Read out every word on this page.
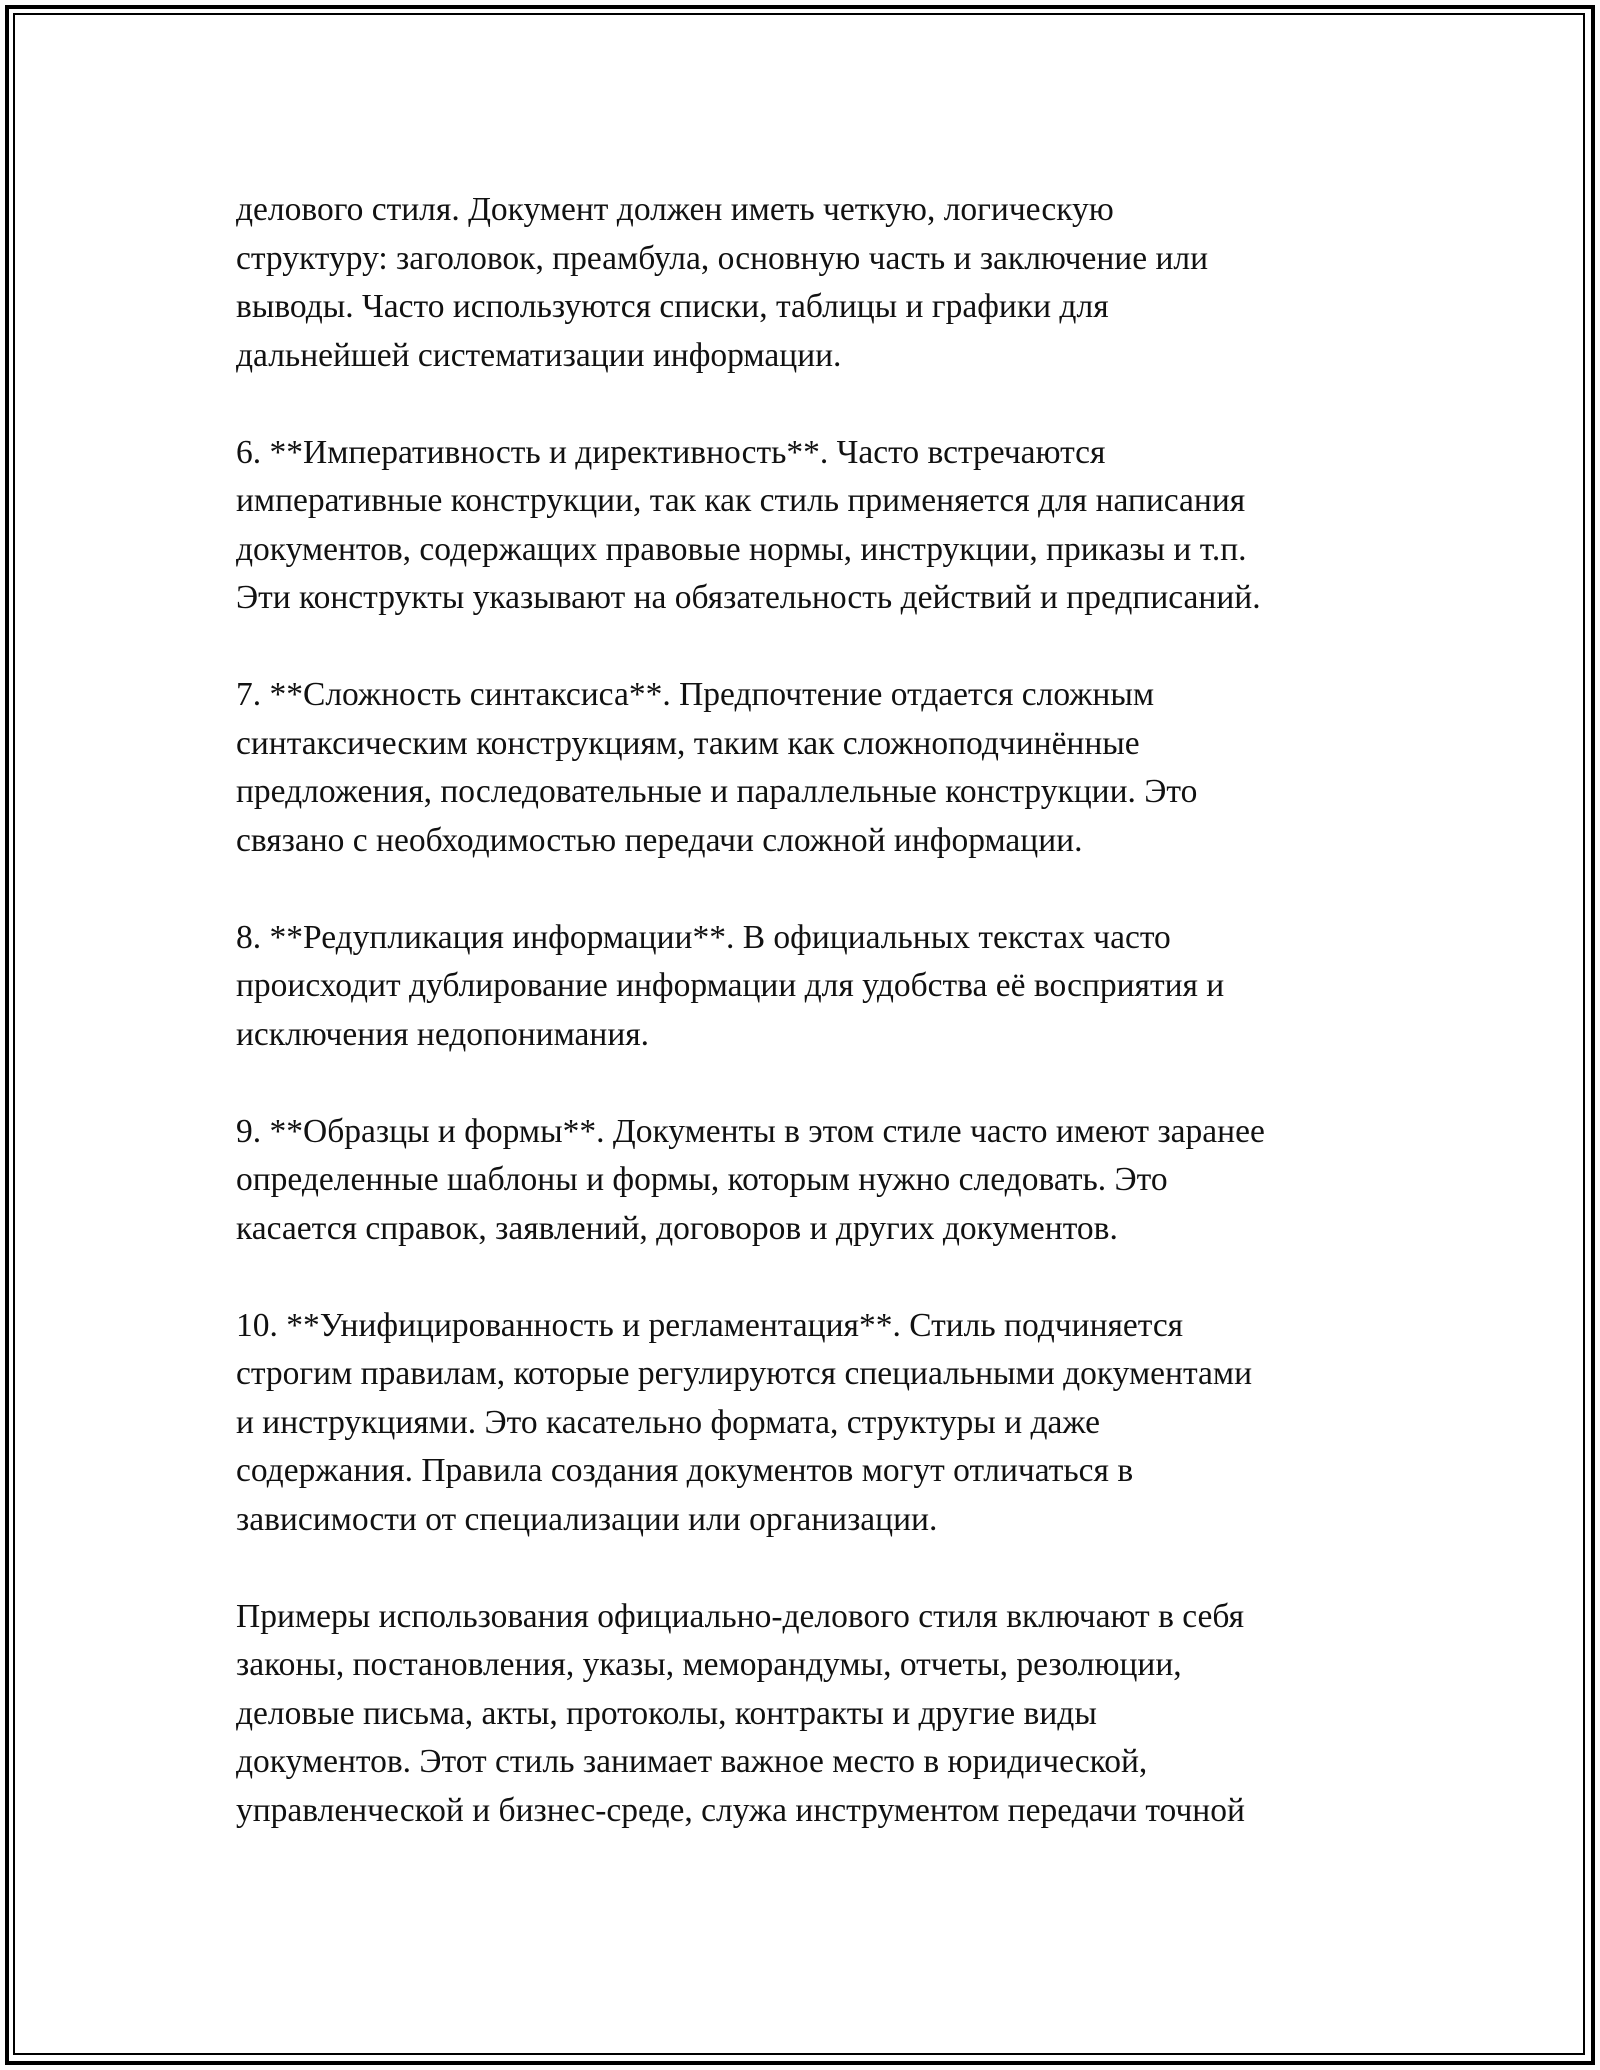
делового стиля. Документ должен иметь четкую, логическую
структуру: заголовок, преамбула, основную часть и заключение или
выводы. Часто используются списки, таблицы и графики для
дальнейшей систематизации информации.

6. **Императивность и директивность**. Часто встречаются
императивные конструкции, так как стиль применяется для написания
документов, содержащих правовые нормы, инструкции, приказы и т.п.
Эти конструкты указывают на обязательность действий и предписаний.

7. **Сложность синтаксиса**. Предпочтение отдается сложным
синтаксическим конструкциям, таким как сложноподчинённые
предложения, последовательные и параллельные конструкции. Это
связано с необходимостью передачи сложной информации.

8. **Редупликация информации**. В официальных текстах часто
происходит дублирование информации для удобства её восприятия и
исключения недопонимания.

9. **Образцы и формы**. Документы в этом стиле часто имеют заранее
определенные шаблоны и формы, которым нужно следовать. Это
касается справок, заявлений, договоров и других документов.

10. **Унифицированность и регламентация**. Стиль подчиняется
строгим правилам, которые регулируются специальными документами
и инструкциями. Это касательно формата, структуры и даже
содержания. Правила создания документов могут отличаться в
зависимости от специализации или организации.

Примеры использования официально-делового стиля включают в себя
законы, постановления, указы, меморандумы, отчеты, резолюции,
деловые письма, акты, протоколы, контракты и другие виды
документов. Этот стиль занимает важное место в юридической,
управленческой и бизнес-среде, служа инструментом передачи точной
